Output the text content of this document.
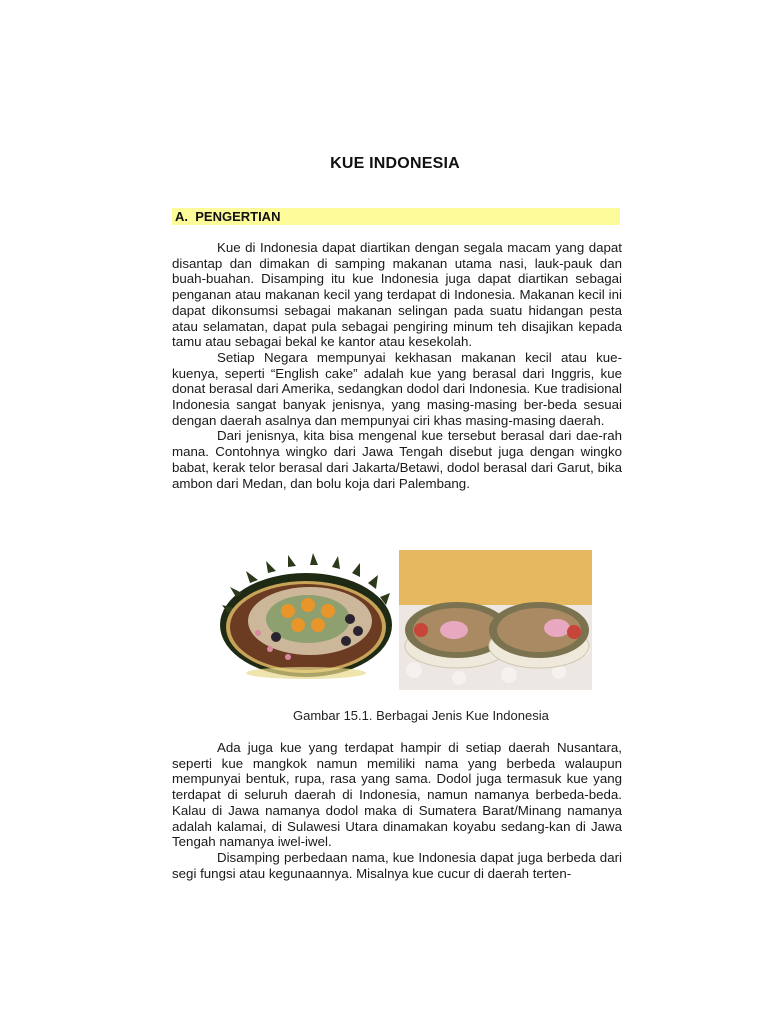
KUE INDONESIA
A.  PENGERTIAN

Kue di Indonesia dapat diartikan dengan segala macam yang dapat disantap dan dimakan di samping makanan utama nasi, lauk-pauk dan buah-buahan. Disamping itu kue Indonesia juga dapat diartikan sebagai penganan atau makanan kecil yang terdapat di Indonesia. Makanan kecil ini dapat dikonsumsi sebagai makanan selingan pada suatu hidangan pesta atau selamatan, dapat pula sebagai pengiring minum teh disajikan kepada tamu atau sebagai bekal ke kantor atau kesekolah.

Setiap Negara mempunyai kekhasan makanan kecil atau kue-kuenya, seperti “English cake” adalah kue yang berasal dari Inggris, kue donat berasal dari Amerika, sedangkan dodol dari Indonesia. Kue tradisional Indonesia sangat banyak jenisnya, yang masing-masing ber-beda sesuai dengan daerah asalnya dan mempunyai ciri khas masing-masing daerah.

Dari jenisnya, kita bisa mengenal kue tersebut berasal dari dae-rah mana. Contohnya wingko dari Jawa Tengah disebut juga dengan wingko babat, kerak telor berasal dari Jakarta/Betawi, dodol berasal dari Garut, bika ambon dari Medan, dan bolu koja dari Palembang.

Gambar 15.1. Berbagai Jenis Kue Indonesia

Ada juga kue yang terdapat hampir di setiap daerah Nusantara, seperti kue mangkok namun memiliki nama yang berbeda walaupun mempunyai bentuk, rupa, rasa yang sama. Dodol juga termasuk kue yang terdapat di seluruh daerah di Indonesia, namun namanya berbeda-beda. Kalau di Jawa namanya dodol maka di Sumatera Barat/Minang namanya adalah kalamai, di Sulawesi Utara dinamakan koyabu sedang-kan di Jawa Tengah namanya iwel-iwel.

Disamping perbedaan nama, kue Indonesia dapat juga berbeda dari segi fungsi atau kegunaannya. Misalnya kue cucur di daerah terten-
